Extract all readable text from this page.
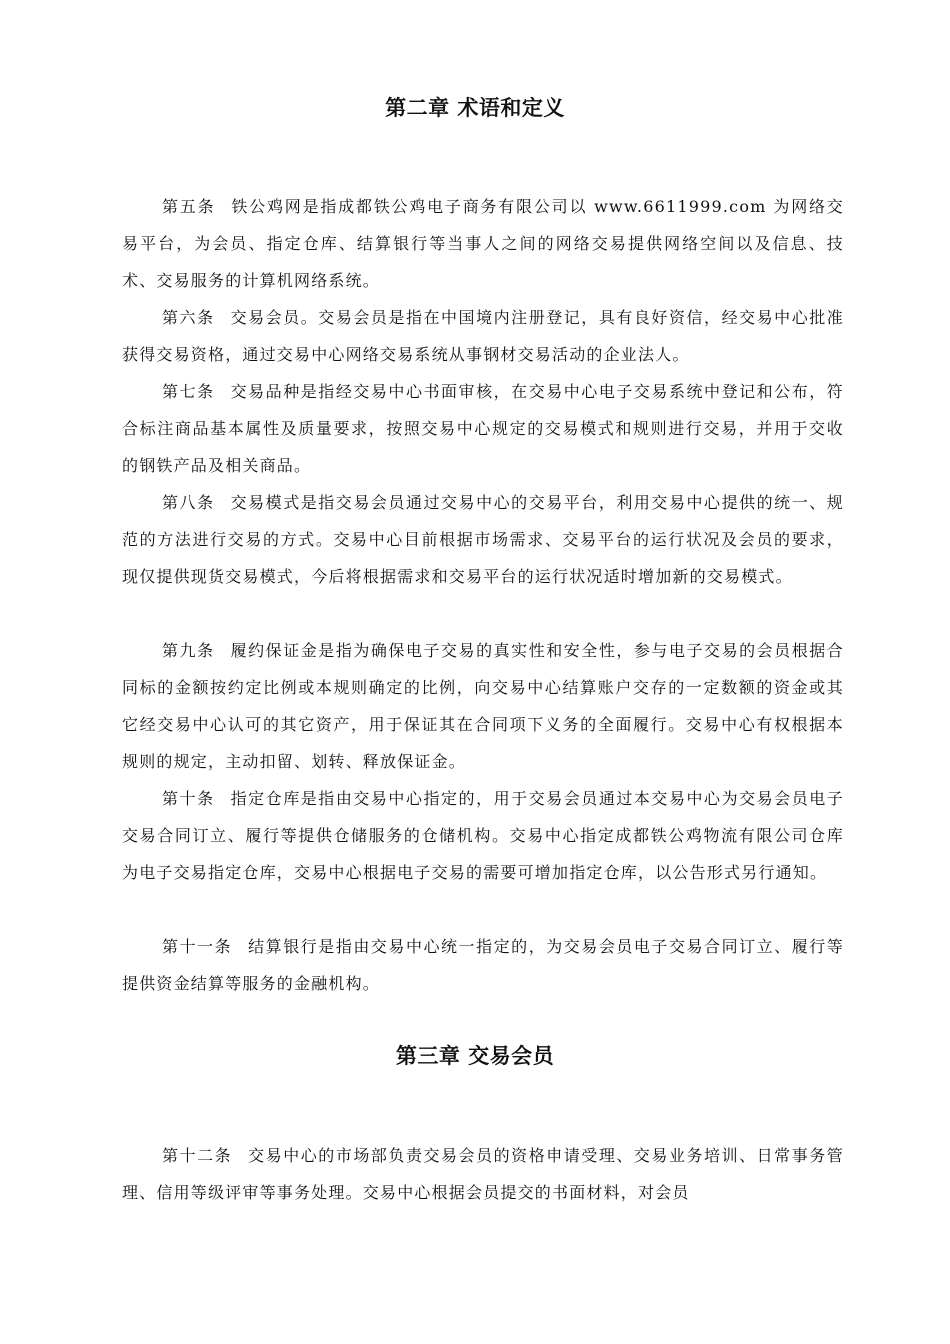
第二章 术语和定义

第五条 铁公鸡网是指成都铁公鸡电子商务有限公司以 www.6611999.com 为网络交易平台，为会员、指定仓库、结算银行等当事人之间的网络交易提供网络空间以及信息、技术、交易服务的计算机网络系统。

第六条 交易会员。交易会员是指在中国境内注册登记，具有良好资信，经交易中心批准获得交易资格，通过交易中心网络交易系统从事钢材交易活动的企业法人。

第七条 交易品种是指经交易中心书面审核，在交易中心电子交易系统中登记和公布，符合标注商品基本属性及质量要求，按照交易中心规定的交易模式和规则进行交易，并用于交收的钢铁产品及相关商品。

第八条 交易模式是指交易会员通过交易中心的交易平台，利用交易中心提供的统一、规范的方法进行交易的方式。交易中心目前根据市场需求、交易平台的运行状况及会员的要求，现仅提供现货交易模式，今后将根据需求和交易平台的运行状况适时增加新的交易模式。

第九条 履约保证金是指为确保电子交易的真实性和安全性，参与电子交易的会员根据合同标的金额按约定比例或本规则确定的比例，向交易中心结算账户交存的一定数额的资金或其它经交易中心认可的其它资产，用于保证其在合同项下义务的全面履行。交易中心有权根据本规则的规定，主动扣留、划转、释放保证金。

第十条 指定仓库是指由交易中心指定的，用于交易会员通过本交易中心为交易会员电子交易合同订立、履行等提供仓储服务的仓储机构。交易中心指定成都铁公鸡物流有限公司仓库为电子交易指定仓库，交易中心根据电子交易的需要可增加指定仓库，以公告形式另行通知。

第十一条 结算银行是指由交易中心统一指定的，为交易会员电子交易合同订立、履行等提供资金结算等服务的金融机构。

第三章 交易会员

第十二条 交易中心的市场部负责交易会员的资格申请受理、交易业务培训、日常事务管理、信用等级评审等事务处理。交易中心根据会员提交的书面材料，对会员
